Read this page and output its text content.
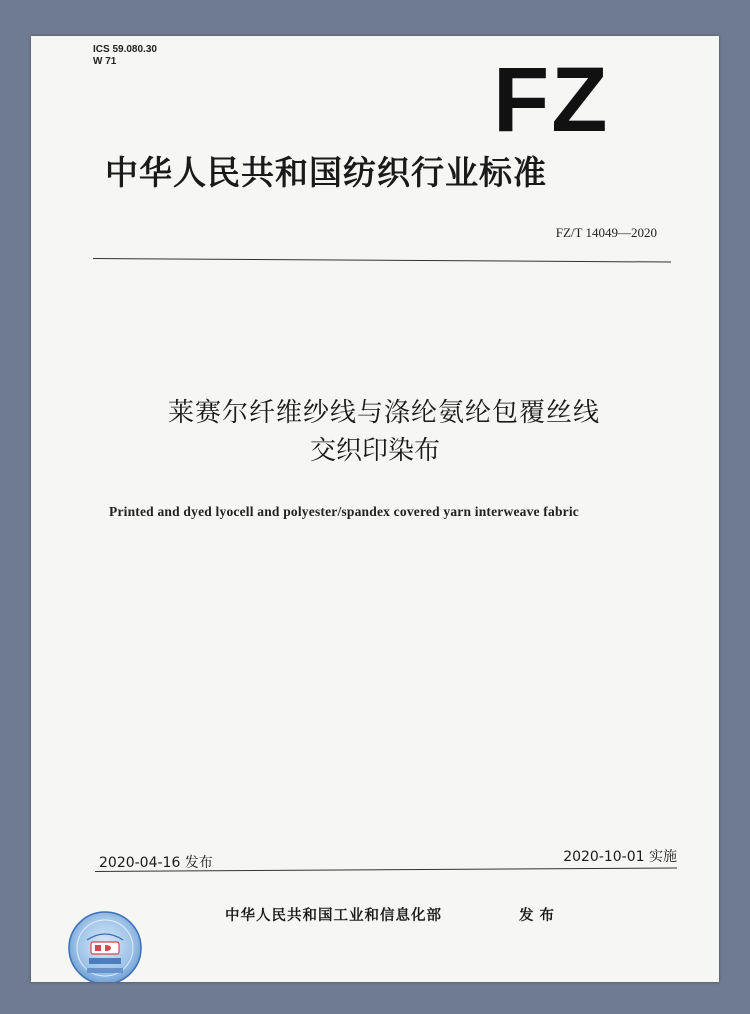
ICS 59.080.30
W 71	FZ
中华人民共和国纺织行业标准
FZ/T 14049—2020
莱赛尔纤维纱线与涤纶氨纶包覆丝线
交织印染布
Printed and dyed lyocell and polyester/spandex covered yarn interweave fabric
2020-04-16 发布	2020-10-01 实施
中华人民共和国工业和信息化部	发布
